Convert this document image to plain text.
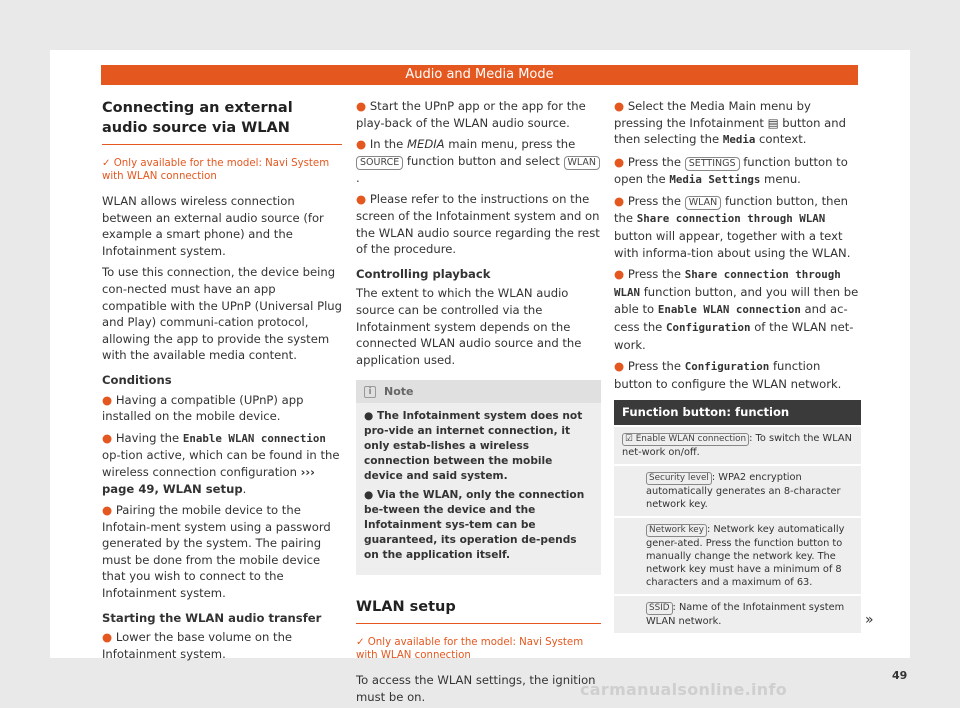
Audio and Media Mode
Connecting an external audio source via WLAN
✓ Only available for the model: Navi System with WLAN connection

WLAN allows wireless connection between an external audio source (for example a smart phone) and the Infotainment system.

To use this connection, the device being con-nected must have an app compatible with the UPnP (Universal Plug and Play) communi-cation protocol, allowing the app to provide the system with the available media content.

Conditions

● Having a compatible (UPnP) app installed on the mobile device.

● Having the Enable WLAN connection op-tion active, which can be found in the wireless connection configuration ››› page 49, WLAN setup.

● Pairing the mobile device to the Infotain-ment system using a password generated by the system. The pairing must be done from the mobile device that you wish to connect to the Infotainment system.

Starting the WLAN audio transfer

● Lower the base volume on the Infotainment system.

● Start the UPnP app or the app for the play-back of the WLAN audio source.

● In the MEDIA main menu, press the SOURCE function button and select WLAN.

● Please refer to the instructions on the screen of the Infotainment system and on the WLAN audio source regarding the rest of the procedure.

Controlling playback

The extent to which the WLAN audio source can be controlled via the Infotainment system depends on the connected WLAN audio source and the application used.

i	Note

● The Infotainment system does not pro-vide an internet connection, it only estab-lishes a wireless connection between the mobile device and said system.

● Via the WLAN, only the connection be-tween the device and the Infotainment sys-tem can be guaranteed, its operation de-pends on the application itself.

WLAN setup
✓ Only available for the model: Navi System with WLAN connection

To access the WLAN settings, the ignition must be on.

● Select the Media Main menu by pressing the Infotainment ▤ button and then selecting the Media context.

● Press the SETTINGS function button to open the Media Settings menu.

● Press the WLAN function button, then the Share connection through WLAN button will appear, together with a text with informa-tion about using the WLAN.

● Press the Share connection through WLAN function button, and you will then be able to Enable WLAN connection and ac-cess the Configuration of the WLAN net-work.

● Press the Configuration function button to configure the WLAN network.

Function button: function
☑ Enable WLAN connection : To switch the WLAN net-work on/off.
Security level : WPA2 encryption automatically generates an 8-character network key.
Network key : Network key automatically gener-ated. Press the function button to manually change the network key. The network key must have a minimum of 8 characters and a maximum of 63.
SSID : Name of the Infotainment system WLAN network.	»
49
carmanualsonline.info
